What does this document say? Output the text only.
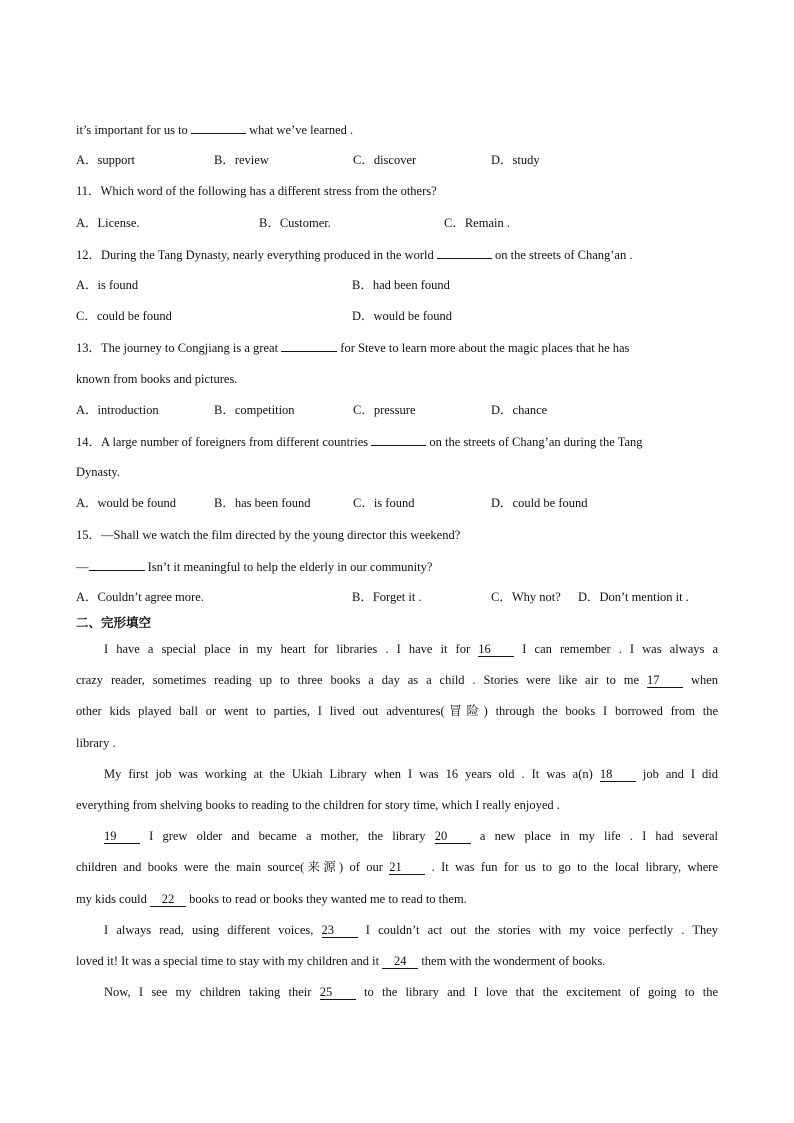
it’s important for us to	what we’ve learned .
A．support	B．review	C．discover	D．study
11．Which word of the following has a different stress from the others?
A．License.	B．Customer.	C．Remain .
12．During the Tang Dynasty, nearly everything produced in the world	on the streets of Chang’an .
A．is found	B．had been found
C．could be found	D．would be found
13．The journey to Congjiang is a great	for Steve to learn more about the magic places that he has
known from books and pictures.
A．introduction	B．competition	C．pressure	D．chance
14．A large number of foreigners from different countries	on the streets of Chang’an during the Tang
Dynasty.
A．would be found	B．has been found	C．is found	D．could be found
15．—Shall we watch the film directed by the young director this weekend?
—	Isn’t it meaningful to help the elderly in our community?
A．Couldn’t agree more.	B．Forget it .	C．Why not? D．Don’t mention it .
二、完形填空
I have a special place in my heart for libraries . I have it for 16	I can remember . I was always a
crazy reader, sometimes reading up to three books a day as a child . Stories were like air to me 17	when
other kids played ball or went to parties, I lived out adventures(冒险) through the books I borrowed from the
library .
My first job was working at the Ukiah Library when I was 16 years old . It was a(n) 18 job and I did
everything from shelving books to reading to the children for story time, which I really enjoyed .
19	I grew older and became a mother, the library 20	a new place in my life . I had several
children and books were the main source(来源) of our 21 . It was fun for us to go to the local library, where
my kids could 22 books to read or books they wanted me to read to them.
I always read, using different voices, 23	I couldn’t act out the stories with my voice perfectly . They
loved it! It was a special time to stay with my children and it 24 them with the wonderment of books.
Now, I see my children taking their 25	to the library and I love that the excitement of going to the
